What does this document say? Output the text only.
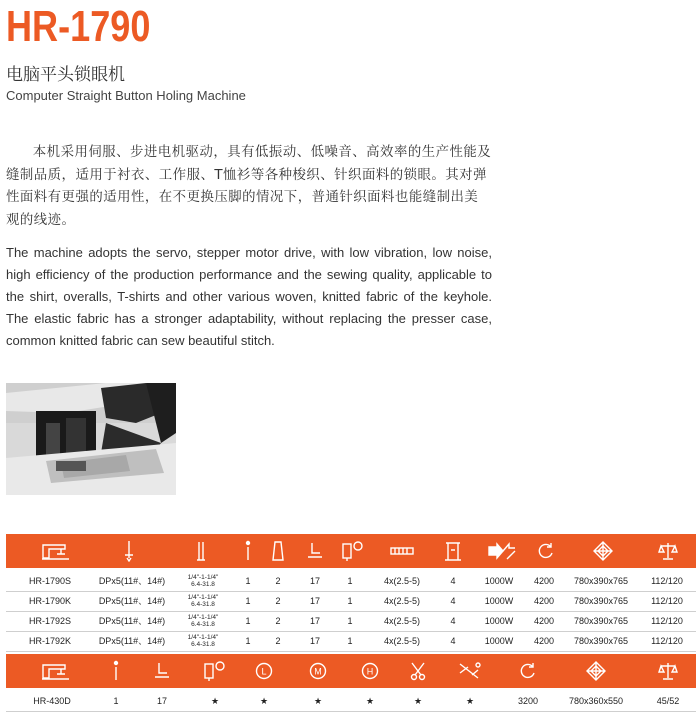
HR-1790
电脑平头锁眼机
Computer Straight Button Holing Machine
本机采用伺服、步进电机驱动，具有低振动、低噪音、高效率的生产性能及缝制品质，适用于衬衣、工作服、T恤衫等各种梭织、针织面料的锁眼。其对弹性面料有更强的适用性，在不更换压脚的情况下，普通针织面料也能缝制出美观的线迹。
The machine adopts the servo, stepper motor drive, with low vibration, low noise, high efficiency of the production performance and the sewing quality, applicable to the shirt, overalls, T-shirts and other various woven, knitted fabric of the keyhole. The elastic fabric has a stronger adaptability, without replacing the presser case, common knitted fabric can sew beautiful stitch.
HR-1790S	DPx5(11#、14#)	1/4"-1-1/4"
6.4-31.8	1	2	17	1	4x(2.5-5)	4	1000W	4200	780x390x765	112/120
HR-1790K	DPx5(11#、14#)	1/4"-1-1/4"
6.4-31.8	1	2	17	1	4x(2.5-5)	4	1000W	4200	780x390x765	112/120
HR-1792S	DPx5(11#、14#)	1/4"-1-1/4"
6.4-31.8	1	2	17	1	4x(2.5-5)	4	1000W	4200	780x390x765	112/120
HR-1792K	DPx5(11#、14#)	1/4"-1-1/4"
6.4-31.8	1	2	17	1	4x(2.5-5)	4	1000W	4200	780x390x765	112/120
L	M	H
HR-430D	1	17	★	★	★	★	★	★	3200	780x360x550	45/52
